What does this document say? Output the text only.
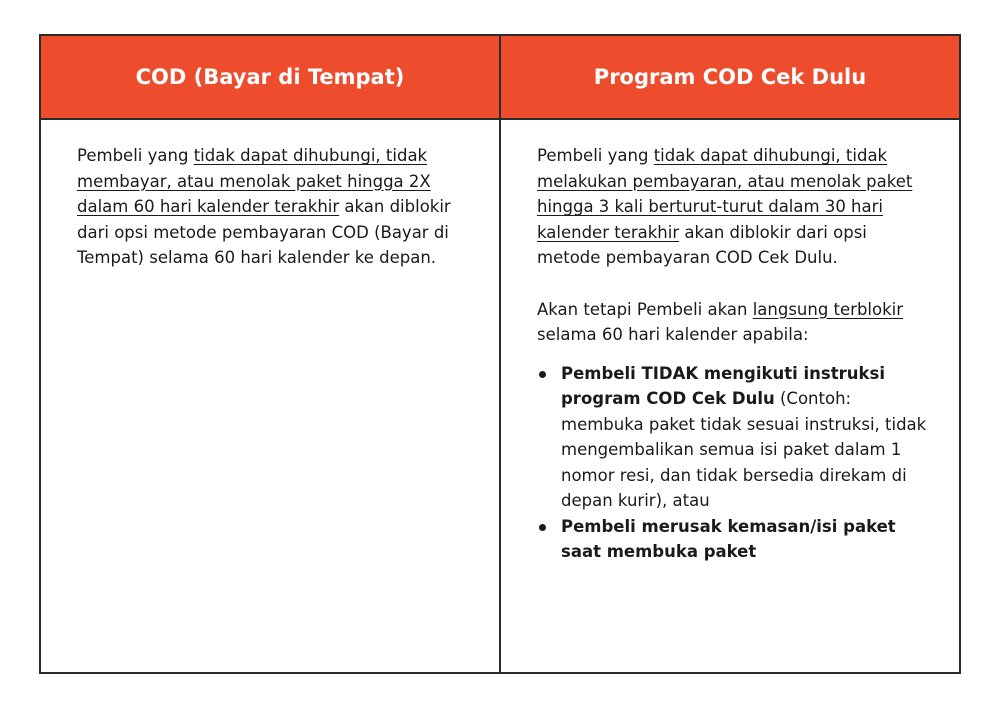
COD (Bayar di Tempat)	Program COD Cek Dulu

Pembeli yang tidak dapat dihubungi, tidak membayar, atau menolak paket hingga 2X dalam 60 hari kalender terakhir akan diblokir dari opsi metode pembayaran COD (Bayar di Tempat) selama 60 hari kalender ke depan.

Pembeli yang tidak dapat dihubungi, tidak melakukan pembayaran, atau menolak paket hingga 3 kali berturut-turut dalam 30 hari kalender terakhir akan diblokir dari opsi metode pembayaran COD Cek Dulu.

Akan tetapi Pembeli akan langsung terblokir selama 60 hari kalender apabila:

Pembeli TIDAK mengikuti instruksi program COD Cek Dulu (Contoh: membuka paket tidak sesuai instruksi, tidak mengembalikan semua isi paket dalam 1 nomor resi, dan tidak bersedia direkam di depan kurir), atau
Pembeli merusak kemasan/isi paket saat membuka paket
